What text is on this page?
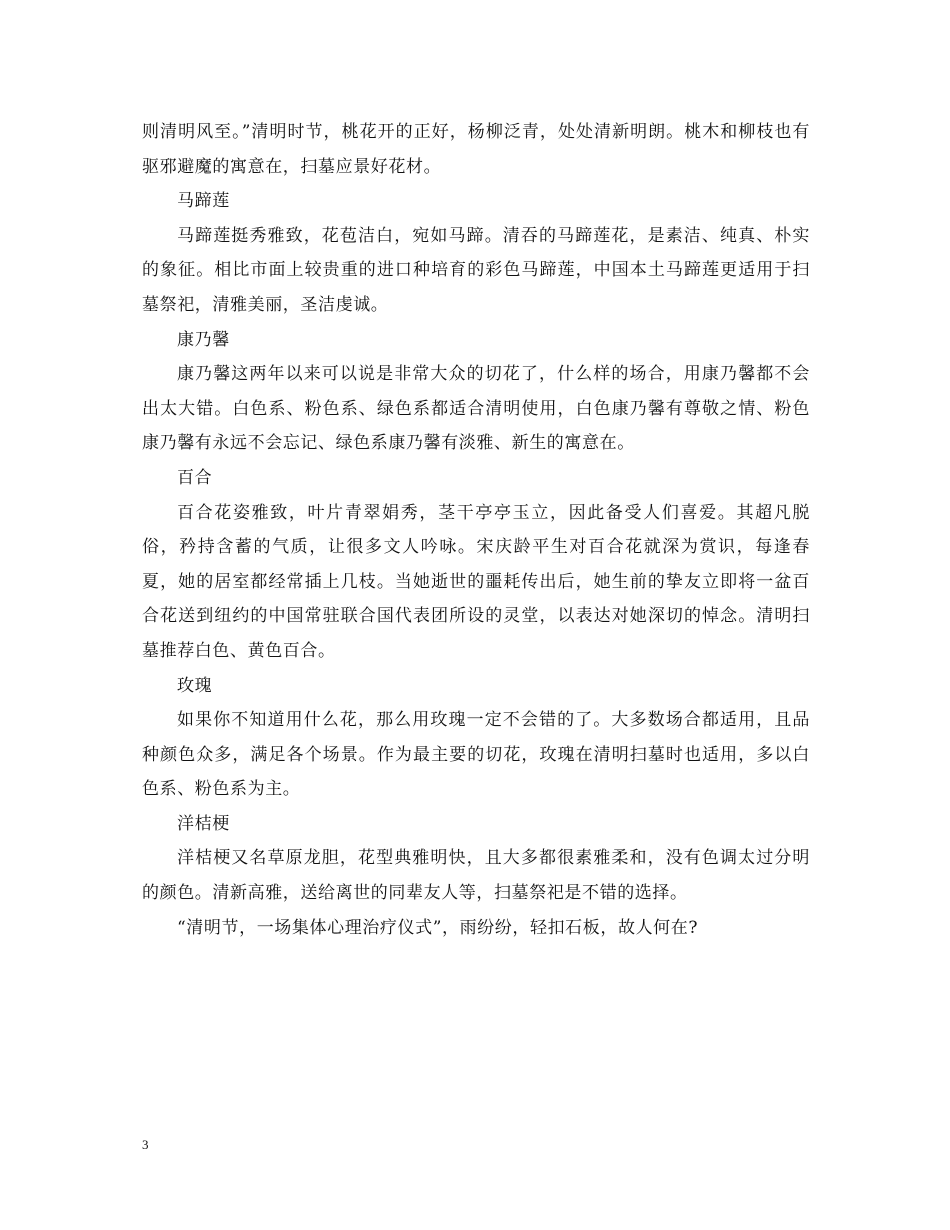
则清明风至。”清明时节，桃花开的正好，杨柳泛青，处处清新明朗。桃木和柳枝也有驱邪避魔的寓意在，扫墓应景好花材。

马蹄莲

马蹄莲挺秀雅致，花苞洁白，宛如马蹄。清吞的马蹄莲花，是素洁、纯真、朴实的象征。相比市面上较贵重的进口种培育的彩色马蹄莲，中国本土马蹄莲更适用于扫墓祭祀，清雅美丽，圣洁虔诚。

康乃馨

康乃馨这两年以来可以说是非常大众的切花了，什么样的场合，用康乃馨都不会出太大错。白色系、粉色系、绿色系都适合清明使用，白色康乃馨有尊敬之情、粉色康乃馨有永远不会忘记、绿色系康乃馨有淡雅、新生的寓意在。

百合

百合花姿雅致，叶片青翠娟秀，茎干亭亭玉立，因此备受人们喜爱。其超凡脱俗，矜持含蓄的气质，让很多文人吟咏。宋庆龄平生对百合花就深为赏识，每逢春夏，她的居室都经常插上几枝。当她逝世的噩耗传出后，她生前的挚友立即将一盆百合花送到纽约的中国常驻联合国代表团所设的灵堂，以表达对她深切的悼念。清明扫墓推荐白色、黄色百合。

玫瑰

如果你不知道用什么花，那么用玫瑰一定不会错的了。大多数场合都适用，且品种颜色众多，满足各个场景。作为最主要的切花，玫瑰在清明扫墓时也适用，多以白色系、粉色系为主。

洋桔梗

洋桔梗又名草原龙胆，花型典雅明快，且大多都很素雅柔和，没有色调太过分明的颜色。清新高雅，送给离世的同辈友人等，扫墓祭祀是不错的选择。

“清明节，一场集体心理治疗仪式”，雨纷纷，轻扣石板，故人何在?

3
